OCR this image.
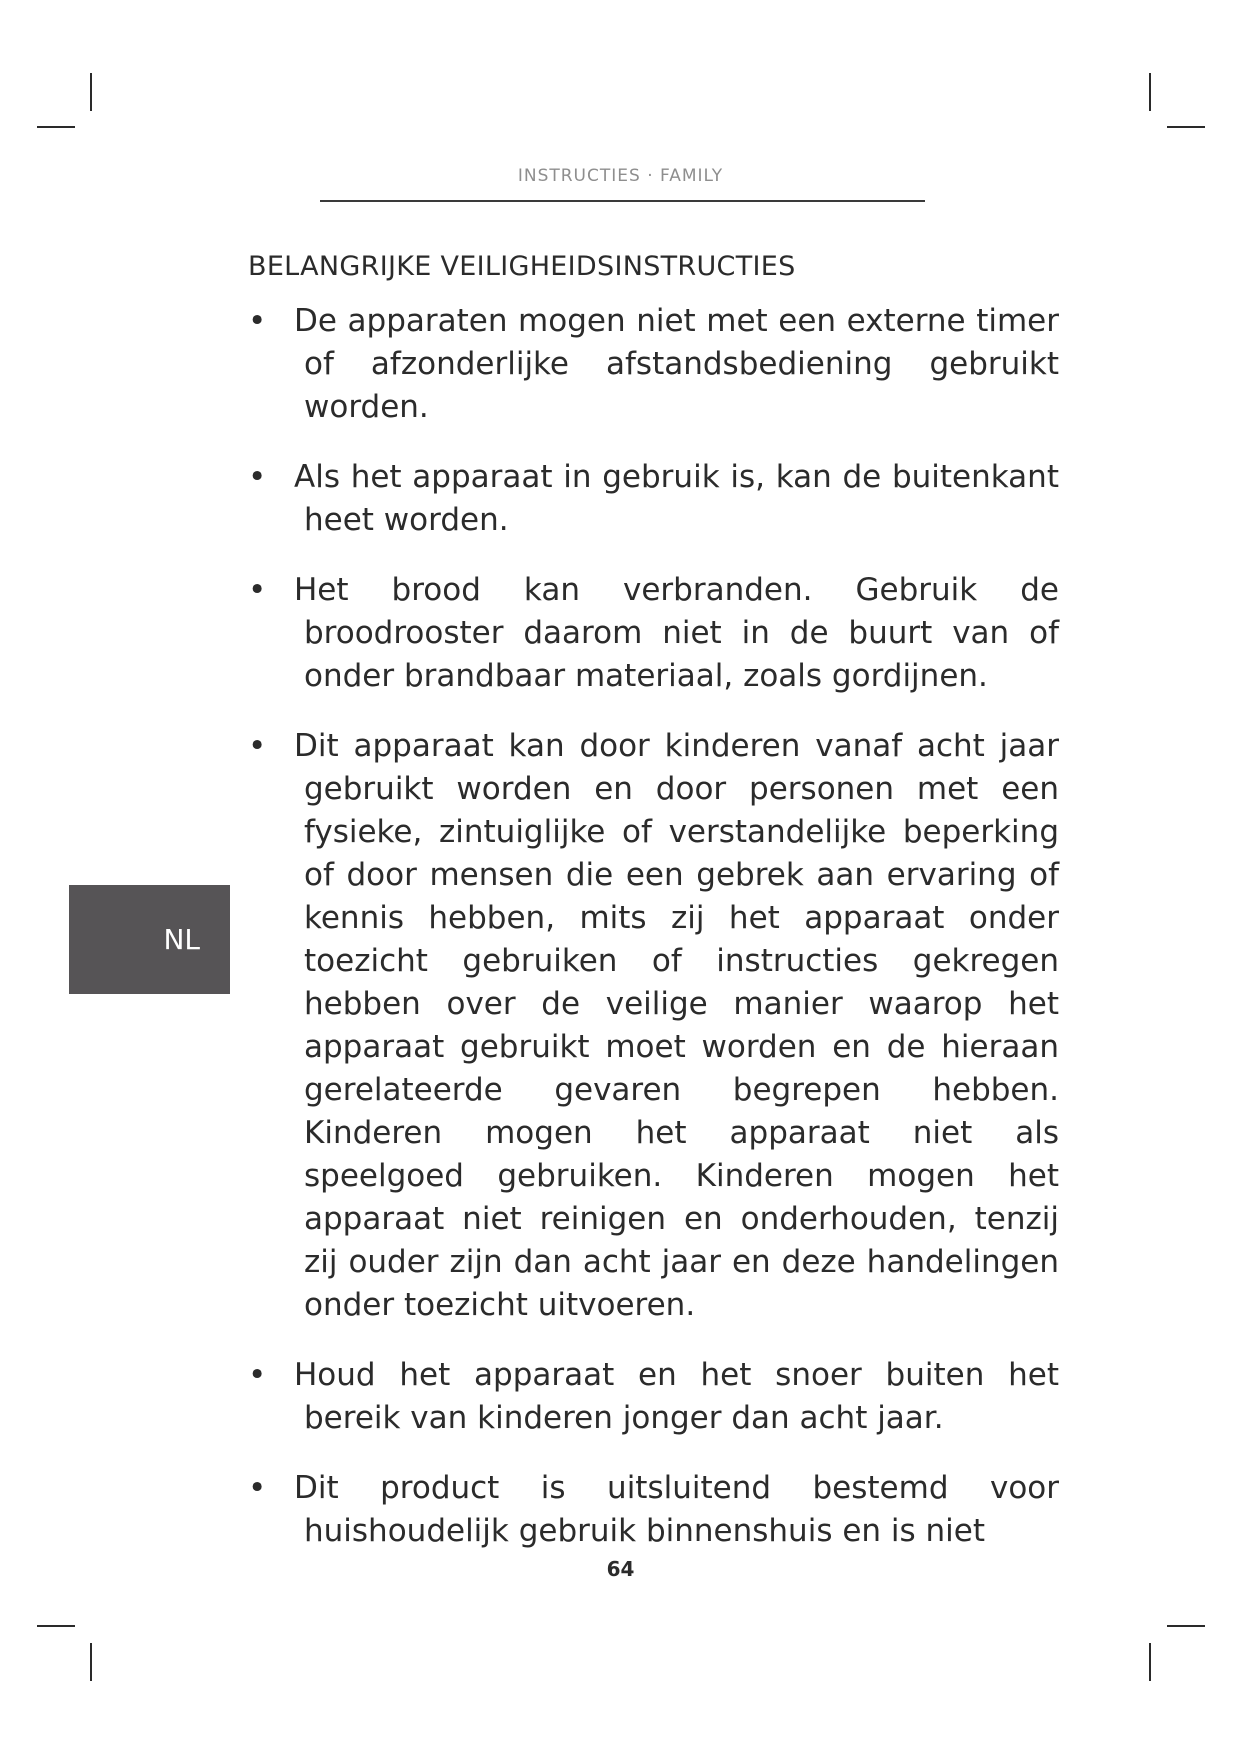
INSTRUCTIES · FAMILY
BELANGRIJKE VEILIGHEIDSINSTRUCTIES
• De apparaten mogen niet met een externe timer of afzonderlijke afstandsbediening gebruikt worden.
• Als het apparaat in gebruik is, kan de buitenkant heet worden.
• Het brood kan verbranden. Gebruik de broodrooster daarom niet in de buurt van of onder brandbaar materiaal, zoals gordijnen.
• Dit apparaat kan door kinderen vanaf acht jaar gebruikt worden en door personen met een fysieke, zintuiglijke of verstandelijke beperking of door mensen die een gebrek aan ervaring of kennis hebben, mits zij het apparaat onder toezicht gebruiken of instructies gekregen hebben over de veilige manier waarop het apparaat gebruikt moet worden en de hieraan gerelateerde gevaren begrepen hebben. Kinderen mogen het apparaat niet als speelgoed gebruiken. Kinderen mogen het apparaat niet reinigen en onderhouden, tenzij zij ouder zijn dan acht jaar en deze handelingen onder toezicht uitvoeren.
• Houd het apparaat en het snoer buiten het bereik van kinderen jonger dan acht jaar.
• Dit product is uitsluitend bestemd voor huishoudelijk gebruik binnenshuis en is niet
NL
64
